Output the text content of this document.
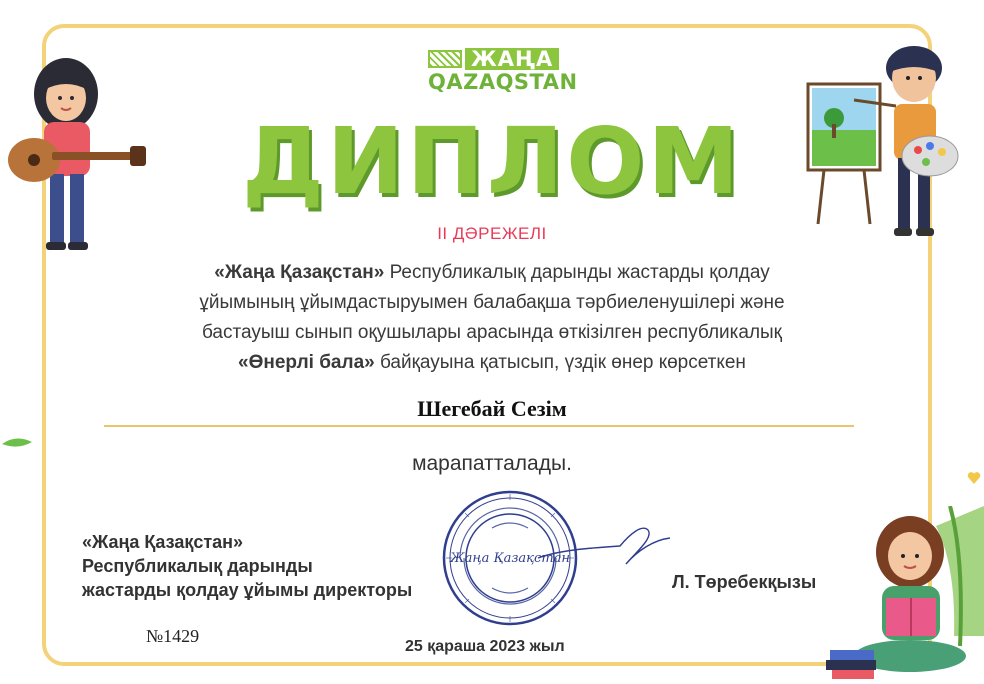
ЖАҢА
QAZAQSTAN
ДИПЛОМ
II ДӘРЕЖЕЛІ
«Жаңа Қазақстан» Республикалық дарынды жастарды қолдау
ұйымының ұйымдастыруымен балабақша тәрбиеленушілері және
бастауыш сынып оқушылары арасында өткізілген республикалық
«Өнерлі бала» байқауына қатысып, үздік өнер көрсеткен
Шегебай Сезім
марапатталады.
«Жаңа Қазақстан»
Республикалық дарынды
жастарды қолдау ұйымы директоры
Жаңа Қазақстан
Л. Төребекқызы
№1429
25 қараша 2023 жыл
